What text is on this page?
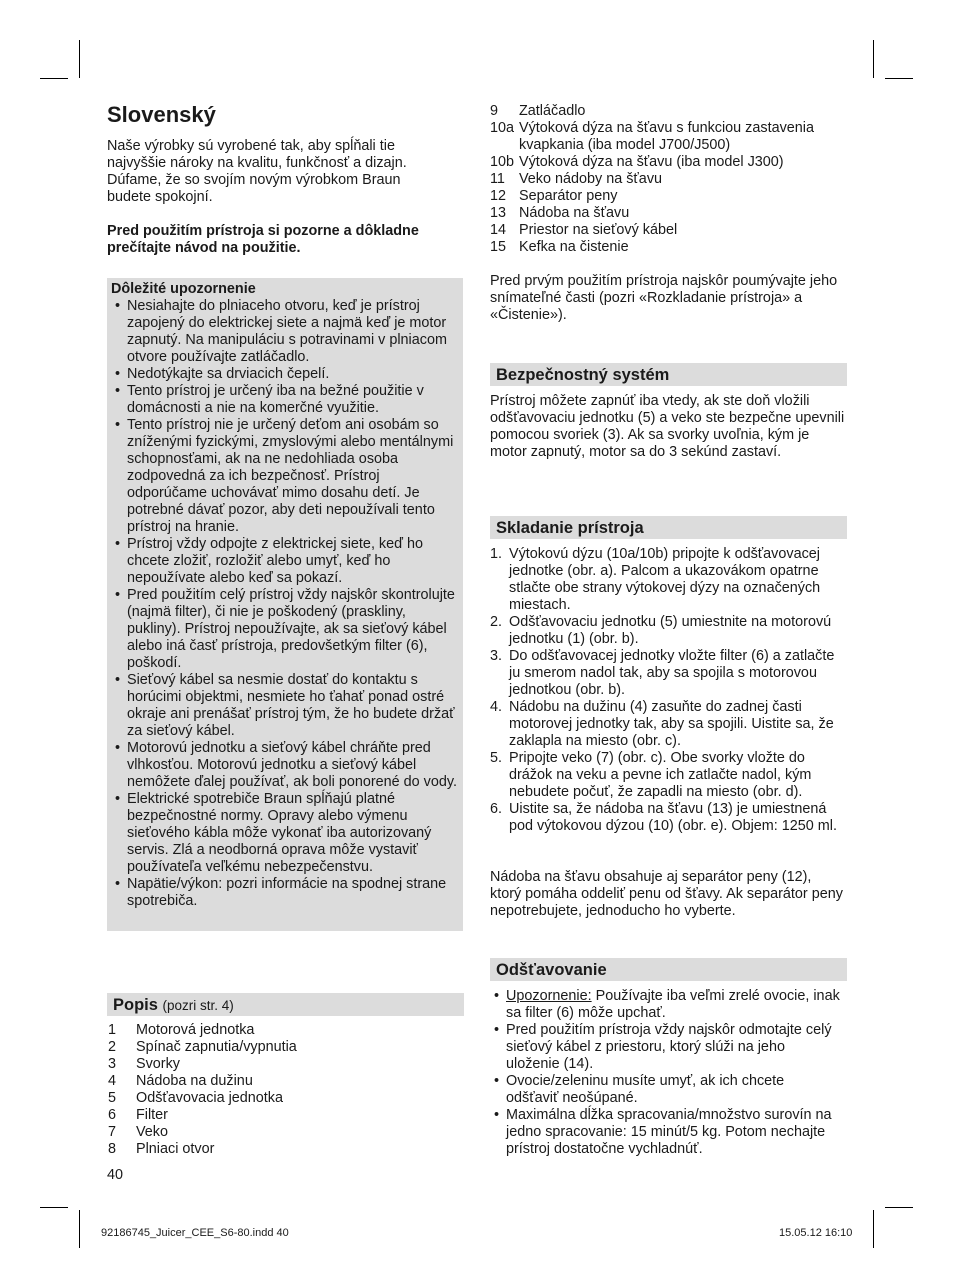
Slovenský

Naše výrobky sú vyrobené tak, aby spĺňali tie najvyššie nároky na kvalitu, funkčnosť a dizajn. Dúfame, že so svojím novým výrobkom Braun budete spokojní.

Pred použitím prístroja si pozorne a dôkladne prečítajte návod na použitie.

Dôležité upozornenie
• Nesiahajte do plniaceho otvoru, keď je prístroj zapojený do elektrickej siete a najmä keď je motor zapnutý. Na manipuláciu s potravinami v plniacom otvore používajte zatláčadlo.
• Nedotýkajte sa drviacich čepelí.
• Tento prístroj je určený iba na bežné použitie v domácnosti a nie na komerčné využitie.
• Tento prístroj nie je určený deťom ani osobám so zníženými fyzickými, zmyslovými alebo mentálnymi schopnosťami, ak na ne nedohliada osoba zodpovedná za ich bezpečnosť. Prístroj odporúčame uchovávať mimo dosahu detí. Je potrebné dávať pozor, aby deti nepoužívali tento prístroj na hranie.
• Prístroj vždy odpojte z elektrickej siete, keď ho chcete zložiť, rozložiť alebo umyť, keď ho nepoužívate alebo keď sa pokazí.
• Pred použitím celý prístroj vždy najskôr skontrolujte (najmä filter), či nie je poškodený (praskliny, pukliny). Prístroj nepoužívajte, ak sa sieťový kábel alebo iná časť prístroja, predovšetkým filter (6), poškodí.
• Sieťový kábel sa nesmie dostať do kontaktu s horúcimi objektmi, nesmiete ho ťahať ponad ostré okraje ani prenášať prístroj tým, že ho budete držať za sieťový kábel.
• Motorovú jednotku a sieťový kábel chráňte pred vlhkosťou. Motorovú jednotku a sieťový kábel nemôžete ďalej používať, ak boli ponorené do vody.
• Elektrické spotrebiče Braun spĺňajú platné bezpečnostné normy. Opravy alebo výmenu sieťového kábla môže vykonať iba autorizovaný servis. Zlá a neodborná oprava môže vystaviť používateľa veľkému nebezpečenstvu.
• Napätie/výkon: pozri informácie na spodnej strane spotrebiča.
Popis (pozri str. 4)
1	Motorová jednotka
2	Spínač zapnutia/vypnutia
3	Svorky
4	Nádoba na dužinu
5	Odšťavovacia jednotka
6	Filter
7	Veko
8	Plniaci otvor
40
9	Zatláčadlo
10a Výtoková dýza na šťavu s funkciou zastavenia kvapkania (iba model J700/J500)
10b Výtoková dýza na šťavu (iba model J300)
11 Veko nádoby na šťavu
12 Separátor peny
13 Nádoba na šťavu
14 Priestor na sieťový kábel
15 Kefka na čistenie

Pred prvým použitím prístroja najskôr poumývajte jeho snímateľné časti (pozri «Rozkladanie prístroja» a «Čistenie»).

Bezpečnostný systém

Prístroj môžete zapnúť iba vtedy, ak ste doň vložili odšťavovaciu jednotku (5) a veko ste bezpečne upevnili pomocou svoriek (3). Ak sa svorky uvoľnia, kým je motor zapnutý, motor sa do 3 sekúnd zastaví.

Skladanie prístroja
1. Výtokovú dýzu (10a/10b) pripojte k odšťavovacej jednotke (obr. a). Palcom a ukazovákom opatrne stlačte obe strany výtokovej dýzy na označených miestach.
2. Odšťavovaciu jednotku (5) umiestnite na motorovú jednotku (1) (obr. b).
3. Do odšťavovacej jednotky vložte filter (6) a zatlačte ju smerom nadol tak, aby sa spojila s motorovou jednotkou (obr. b).
4. Nádobu na dužinu (4) zasuňte do zadnej časti motorovej jednotky tak, aby sa spojili. Uistite sa, že zaklapla na miesto (obr. c).
5. Pripojte veko (7) (obr. c). Obe svorky vložte do drážok na veku a pevne ich zatlačte nadol, kým nebudete počuť, že zapadli na miesto (obr. d).
6. Uistite sa, že nádoba na šťavu (13) je umiestnená pod výtokovou dýzou (10) (obr. e). Objem: 1250 ml.

Nádoba na šťavu obsahuje aj separátor peny (12), ktorý pomáha oddeliť penu od šťavy. Ak separátor peny nepotrebujete, jednoducho ho vyberte.

Odšťavovanie
• Upozornenie: Používajte iba veľmi zrelé ovocie, inak sa filter (6) môže upchať.
• Pred použitím prístroja vždy najskôr odmotajte celý sieťový kábel z priestoru, ktorý slúži na jeho uloženie (14).
• Ovocie/zeleninu musíte umyť, ak ich chcete odšťaviť neošúpané.
• Maximálna dĺžka spracovania/množstvo surovín na jedno spracovanie: 15 minút/5 kg. Potom nechajte prístroj dostatočne vychladnúť.
92186745_Juicer_CEE_S6-80.indd 40	15.05.12 16:10
